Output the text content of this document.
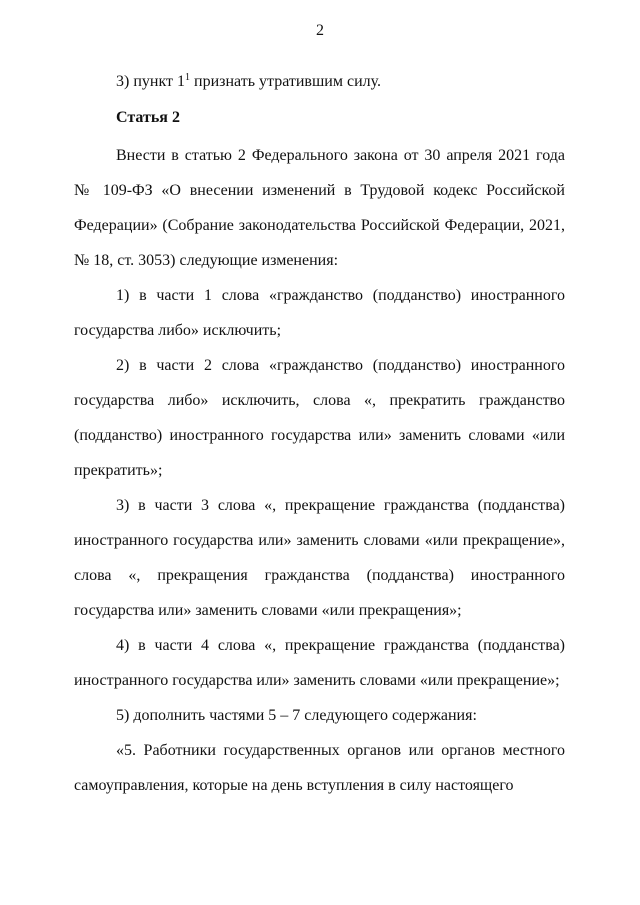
2
3) пункт $1^1$ признать утратившим силу.
Статья 2
Внести в статью 2 Федерального закона от 30 апреля 2021 года № 109-ФЗ «О внесении изменений в Трудовой кодекс Российской Федерации» (Собрание законодательства Российской Федерации, 2021, № 18, ст. 3053) следующие изменения:
1) в части 1 слова «гражданство (подданство) иностранного государства либо» исключить;
2) в части 2 слова «гражданство (подданство) иностранного государства либо» исключить, слова «, прекратить гражданство (подданство) иностранного государства или» заменить словами «или прекратить»;
3) в части 3 слова «, прекращение гражданства (подданства) иностранного государства или» заменить словами «или прекращение», слова «, прекращения гражданства (подданства) иностранного государства или» заменить словами «или прекращения»;
4) в части 4 слова «, прекращение гражданства (подданства) иностранного государства или» заменить словами «или прекращение»;
5) дополнить частями 5 – 7 следующего содержания:
«5. Работники государственных органов или органов местного самоуправления, которые на день вступления в силу настоящего
